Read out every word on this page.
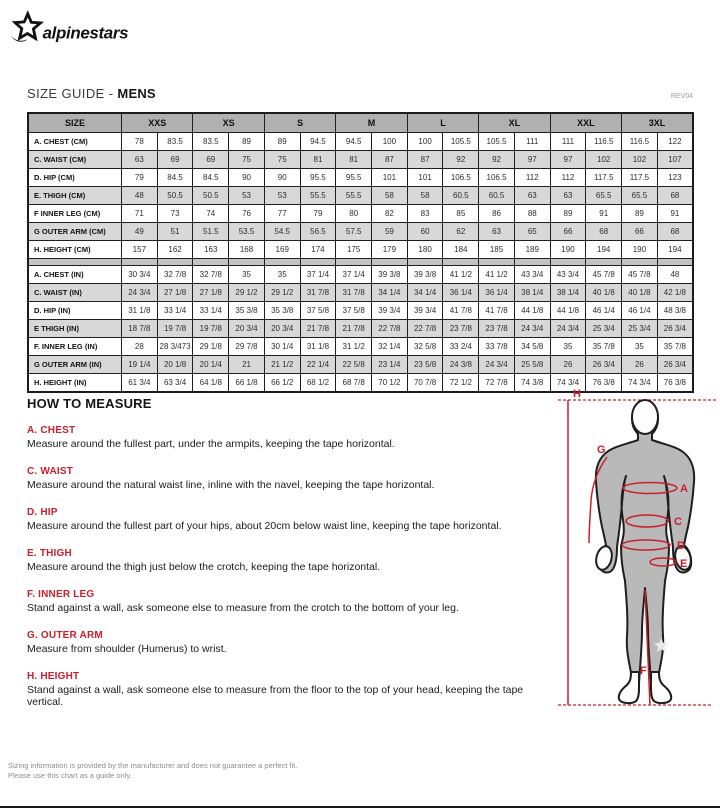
alpinestars
SIZE GUIDE - MENS	REV04
SIZE	XXS		XS		S		M		L		XL		XXL		3XL	
A. CHEST (CM)	78	83.5	83.5	89	89	94.5	94.5	100	100	105.5	105.5	111	111	116.5	116.5	122
C. WAIST (CM)	63	69	69	75	75	81	81	87	87	92	92	97	97	102	102	107
D. HIP (CM)	79	84.5	84.5	90	90	95.5	95.5	101	101	106.5	106.5	112	112	117.5	117.5	123
E. THIGH (CM)	48	50.5	50.5	53	53	55.5	55.5	58	58	60.5	60.5	63	63	65.5	65.5	68
F INNER LEG (CM)	71	73	74	76	77	79	80	82	83	85	86	88	89	91	89	91
G OUTER ARM (CM)	49	51	51.5	53.5	54.5	56.5	57.5	59	60	62	63	65	66	68	66	68
H. HEIGHT (CM)	157	162	163	168	169	174	175	179	180	184	185	189	190	194	190	194

A. CHEST (IN)	30 3/4	32 7/8	32 7/8	35	35	37 1/4	37 1/4	39 3/8	39 3/8	41 1/2	41 1/2	43 3/4	43 3/4	45 7/8	45 7/8	48
C. WAIST (IN)	24 3/4	27 1/8	27 1/8	29 1/2	29 1/2	31 7/8	31 7/8	34 1/4	34 1/4	36 1/4	36 1/4	38 1/4	38 1/4	40 1/8	40 1/8	42 1/8
D. HIP (IN)	31 1/8	33 1/4	33 1/4	35 3/8	35 3/8	37 5/8	37 5/8	39 3/4	39 3/4	41 7/8	41 7/8	44 1/8	44 1/8	46 1/4	46 1/4	48 3/8
E THIGH (IN)	18 7/8	19 7/8	19 7/8	20 3/4	20 3/4	21 7/8	21 7/8	22 7/8	22 7/8	23 7/8	23 7/8	24 3/4	24 3/4	25 3/4	25 3/4	26 3/4
F. INNER LEG (IN)	28	28 3/473	29 1/8	29 7/8	30 1/4	31 1/8	31 1/2	32 1/4	32 5/8	33 2/4	33 7/8	34 5/8	35	35 7/8	35	35 7/8
G OUTER ARM (IN)	19 1/4	20 1/8	20 1/4	21	21 1/2	22 1/4	22 5/8	23 1/4	23 5/8	24 3/8	24 3/4	25 5/8	26	26 3/4	26	26 3/4
H. HEIGHT (IN)	61 3/4	63 3/4	64 1/8	66 1/8	66 1/2	68 1/2	68 7/8	70 1/2	70 7/8	72 1/2	72 7/8	74 3/8	74 3/4	76 3/8	74 3/4	76 3/8
HOW TO MEASURE
A. CHEST
Measure around the fullest part, under the armpits, keeping the tape horizontal.
C. WAIST
Measure around the natural waist line, inline with the navel, keeping the tape horizontal.
D. HIP
Measure around the fullest part of your hips, about 20cm below waist line, keeping the tape horizontal.
E. THIGH
Measure around the thigh just below the crotch, keeping the tape horizontal.
F. INNER LEG
Stand against a wall, ask someone else to measure from the crotch to the bottom of your leg.
G. OUTER ARM
Measure from shoulder (Humerus) to wrist.
H. HEIGHT
Stand against a wall, ask someone else to measure from the floor to the top of your head, keeping the tape vertical.
H
G
A
C
D
E
F
Sizing information is provided by the manufacturer and does not guarantee a perfect fit.
Please use this chart as a guide only.
